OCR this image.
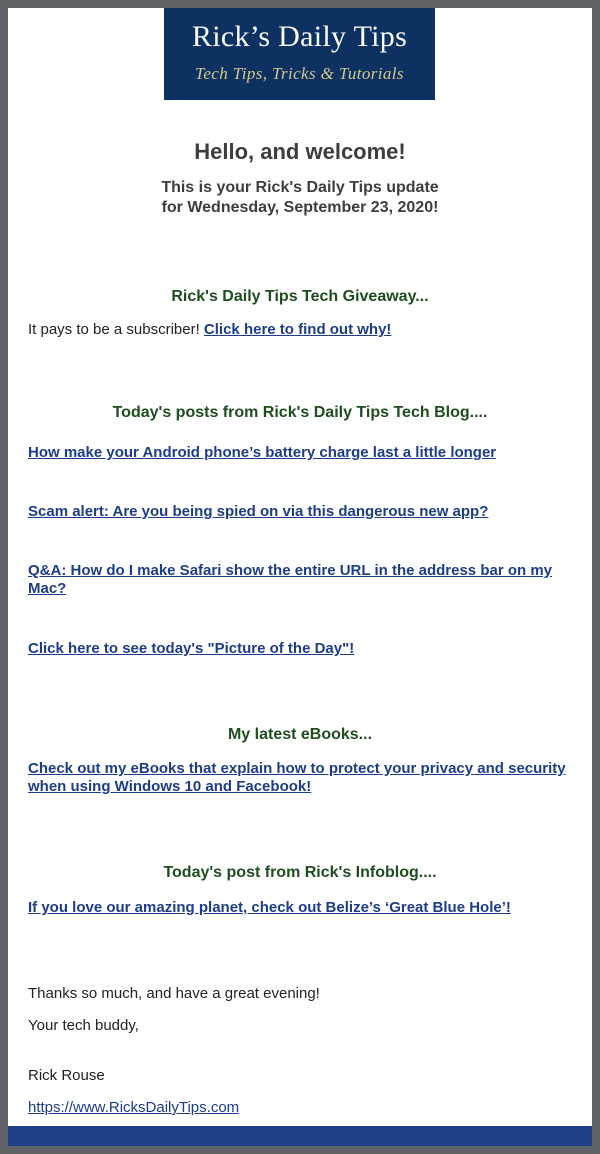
Rick’s Daily Tips
Tech Tips, Tricks & Tutorials
Hello, and welcome!
This is your Rick's Daily Tips update
for Wednesday, September 23, 2020!
Rick's Daily Tips Tech Giveaway...
It pays to be a subscriber! Click here to find out why!
Today's posts from Rick's Daily Tips Tech Blog....
How make your Android phone’s battery charge last a little longer
Scam alert: Are you being spied on via this dangerous new app?
Q&A: How do I make Safari show the entire URL in the address bar on my Mac?
Click here to see today's "Picture of the Day"!
My latest eBooks...
Check out my eBooks that explain how to protect your privacy and security when using Windows 10 and Facebook!
Today's post from Rick's Infoblog....
If you love our amazing planet, check out Belize’s ‘Great Blue Hole’!
Thanks so much, and have a great evening!
Your tech buddy,
Rick Rouse
https://www.RicksDailyTips.com
